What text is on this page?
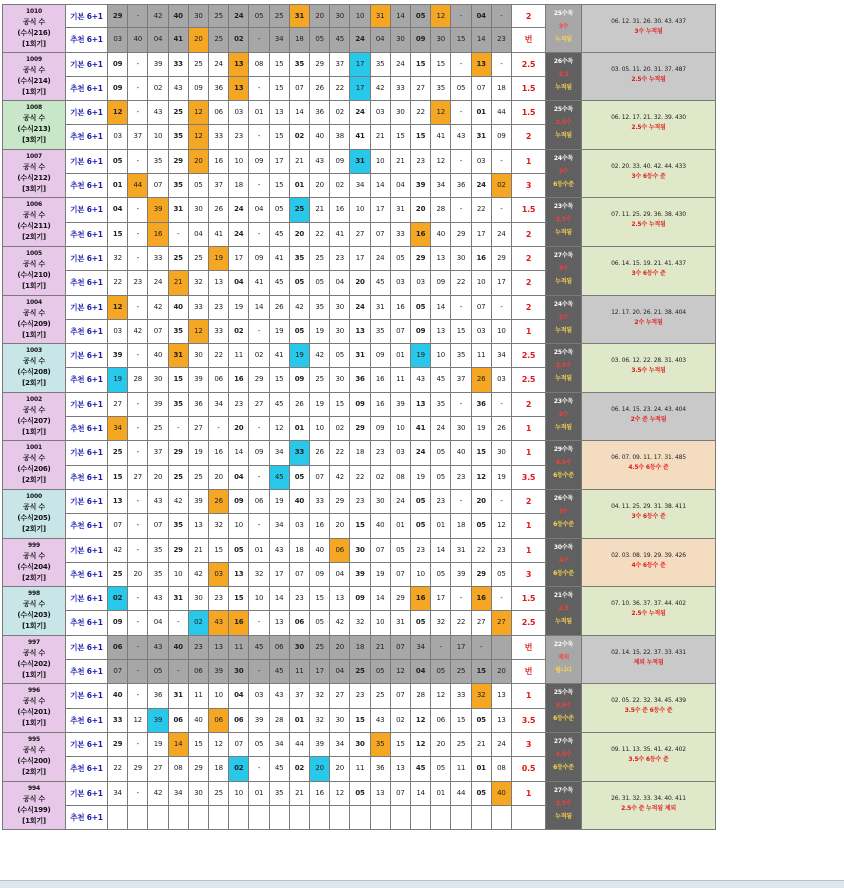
1010
공식 수
(수식216)
[1회기]
기본 6+1	29	-	42	40	30	25	24	05	25	31	20	30	10	31	14	05	12	-	04	-	2
추천 6+1	03	40	04	41	20	25	02	-	34	18	05	45	24	04	30	09	30	15	14	23	번
25수독
3수
누적됨
06. 12. 31. 26. 30. 43. 437
3수 누적됨
1009
공식 수
(수식214)
[1회기]
기본 6+1	09	-	39	33	25	24	13	08	15	35	29	37	17	35	24	15	15	-	13	-	2.5
추천 6+1	09	-	02	43	09	36	13	-	15	07	26	22	17	42	33	27	35	05	07	18	1.5
26수독
2.5
누적됨
03. 05. 11. 20. 31. 37. 487
2.5수 누적됨
1008
공식 수
(수식213)
[3회기]
기본 6+1	12	-	43	25	12	06	03	01	13	14	36	02	24	03	30	22	12	-	01	44	1.5
추천 6+1	03	37	10	35	12	33	23	-	15	02	40	38	41	21	15	15	41	43	31	09	2
25수독
2.5수
누적됨
06. 12. 17. 21. 32. 39. 430
2.5수 누적됨
1007
공식 수
(수식212)
[3회기]
기본 6+1	05	-	35	29	20	16	10	09	17	21	43	09	31	10	21	23	12	-	03	-	1
추천 6+1	01	44	07	35	05	37	18	-	15	01	20	02	34	14	04	39	34	36	24	02	3
24수독
3수
6등수준
02. 20. 33. 40. 42. 44. 433
3수 6등수 준
1006
공식 수
(수식211)
[2회기]
기본 6+1	04	-	39	31	30	26	24	04	05	25	21	16	10	17	31	20	28	-	22	-	1.5
추천 6+1	15	-	16	-	04	41	24	-	45	20	22	41	27	07	33	16	40	29	17	24	2
23수독
2.5수
누적됨
07. 11. 25. 29. 36. 38. 430
2.5수 누적됨
1005
공식 수
(수식210)
[1회기]
기본 6+1	32	-	33	25	25	19	17	09	41	35	25	23	17	24	05	29	13	30	16	29	2
추천 6+1	22	23	24	21	32	13	04	41	45	05	05	04	20	45	03	03	09	22	10	17	2
27수독
3수
누적됨
06. 14. 15. 19. 21. 41. 437
3수 6등수 준
1004
공식 수
(수식209)
[1회기]
기본 6+1	12	-	42	40	33	23	19	14	26	42	35	30	24	31	16	05	14	-	07	-	2
추천 6+1	03	42	07	35	12	33	02	-	19	05	19	30	13	35	07	09	13	15	03	10	1
24수독
2수
누적됨
12. 17. 20. 26. 21. 38. 404
2수 누적됨
1003
공식 수
(수식208)
[2회기]
기본 6+1	39	-	40	31	30	22	11	02	41	19	42	05	31	09	01	19	10	35	11	34	2.5
추천 6+1	19	28	30	15	39	06	16	29	15	09	25	30	36	16	11	43	45	37	26	03	2.5
25수독
3.5수
누적됨
03. 06. 12. 22. 28. 31. 403
3.5수 누적됨
1002
공식 수
(수식207)
[1회기]
기본 6+1	27	-	39	35	36	34	23	27	45	26	19	15	09	16	39	13	35	-	36	-	2
추천 6+1	34	-	25	-	27	-	20	-	12	01	10	02	29	09	10	41	24	30	19	26	1
23수독
2수
누적됨
06. 14. 15. 23. 24. 43. 404
2수 준 누적됨
1001
공식 수
(수식206)
[2회기]
기본 6+1	25	-	37	29	19	16	14	09	34	33	26	22	18	23	03	24	05	40	15	30	1
추천 6+1	15	27	20	25	25	20	04	-	45	05	07	42	22	02	08	19	05	23	12	19	3.5
29수독
4.5수
6등수준
06. 07. 09. 11. 17. 31. 485
4.5수 6등수 준
1000
공식 수
(수식205)
[2회기]
기본 6+1	13	-	43	42	39	26	09	06	19	40	33	29	23	30	24	05	23	-	20	-	2
추천 6+1	07	-	07	35	13	32	10	-	34	03	16	20	15	40	01	05	01	18	05	12	1
26수독
3수
6등수준
04. 11. 25. 29. 31. 38. 411
3수 6등수 준
999
공식 수
(수식204)
[2회기]
기본 6+1	42	-	35	29	21	15	05	01	43	18	40	06	30	07	05	23	14	31	22	23	1
추천 6+1	25	20	35	10	42	03	13	32	17	07	09	04	39	19	07	10	05	39	29	05	3
30수독
4수
6등수준
02. 03. 08. 19. 29. 39. 426
4수 6등수 준
998
공식 수
(수식203)
[1회기]
기본 6+1	02	-	43	31	30	23	15	10	14	23	15	13	09	14	29	16	17	-	16	-	1.5
추천 6+1	09	-	04	-	02	43	16	-	13	06	05	42	32	10	31	05	32	22	27	27	2.5
21수독
2.5
누적됨
07. 10. 36. 37. 37. 44. 402
2.5수 누적됨
997
공식 수
(수식202)
[1회기]
기본 6+1	06	-	43	40	23	13	11	45	06	30	25	20	18	21	07	34	-	17	-	번
추천 6+1	07	-	05	-	06	39	30	-	45	11	17	04	25	05	12	04	05	25	15	20	번
22수독
제외
됩니다
02. 14. 15. 22. 37. 33. 431
제외 누적됨
996
공식 수
(수식201)
[1회기]
기본 6+1	40	-	36	31	11	10	04	03	43	37	32	27	23	25	07	28	12	33	32	13	1
추천 6+1	33	12	39	06	40	06	06	39	28	01	32	30	15	43	02	12	06	15	05	13	3.5
25수독
3.5수
6등수준
02. 05. 22. 32. 34. 45. 439
3.5수 준 6등수 준
995
공식 수
(수식200)
[2회기]
기본 6+1	29	-	19	14	15	12	07	05	34	44	39	34	30	35	15	12	20	25	21	24	3
추천 6+1	22	29	27	08	29	18	02	-	45	02	20	20	11	36	13	45	05	11	01	08	0.5
27수독
3.5수
6등수준
09. 11. 13. 35. 41. 42. 402
3.5수 6등수 준
994
공식 수
(수식199)
[1회기]
기본 6+1	34	-	42	34	30	25	10	01	35	21	16	12	05	13	07	14	01	44	05	40	1
추천 6+1
27수독
2.5수
누적됨
26. 31. 32. 33. 34. 40. 411
2.5수 준 누적됨 제외
